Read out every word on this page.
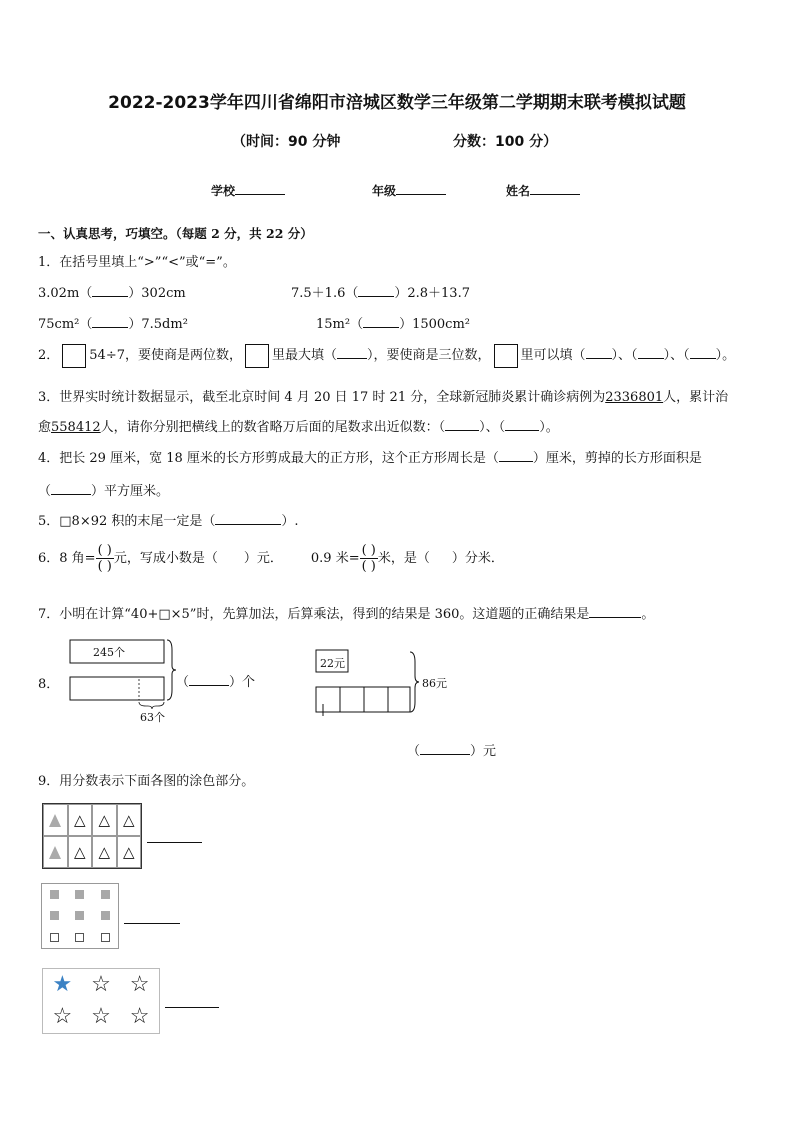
2022-2023学年四川省绵阳市涪城区数学三年级第二学期期末联考模拟试题
（时间：90 分钟	分数：100 分）
学校	年级	姓名
一、认真思考，巧填空。（每题 2 分，共 22 分）
1．在括号里填上“>”“<”或“=”。
3.02m（	）302cm	7.5＋1.6（	）2.8＋13.7
75cm²（	）7.5dm²	15m²（	）1500cm²
2． 54÷7，要使商是两位数， 里最大填（ ），要使商是三位数， 里可以填（ ）、（ ）、（ ）。
3．世界实时统计数据显示，截至北京时间 4 月 20 日 17 时 21 分，全球新冠肺炎累计确诊病例为2336801人，累计治
愈558412人，请你分别把横线上的数省略万后面的尾数求出近似数：（	）、（	）。
4．把长 29 厘米，宽 18 厘米的长方形剪成最大的正方形，这个正方形周长是（	）厘米，剪掉的长方形面积是
（	）平方厘米。
5．□8×92 积的末尾一定是（	）.
6．8 角= $\frac{( )}{( )}$ 元，写成小数是（ ）元． 0.9 米= $\frac{( )}{( )}$ 米，是（ ）分米．
7．小明在计算“40+□×5”时，先算加法，后算乘法，得到的结果是 360。这道题的正确结果是	。
8．
245个
63个
（	）个
22元
86元
（	）元
9．用分数表示下面各图的涂色部分。
△ △ △
△ △ △
★ ☆ ☆
☆ ☆ ☆
